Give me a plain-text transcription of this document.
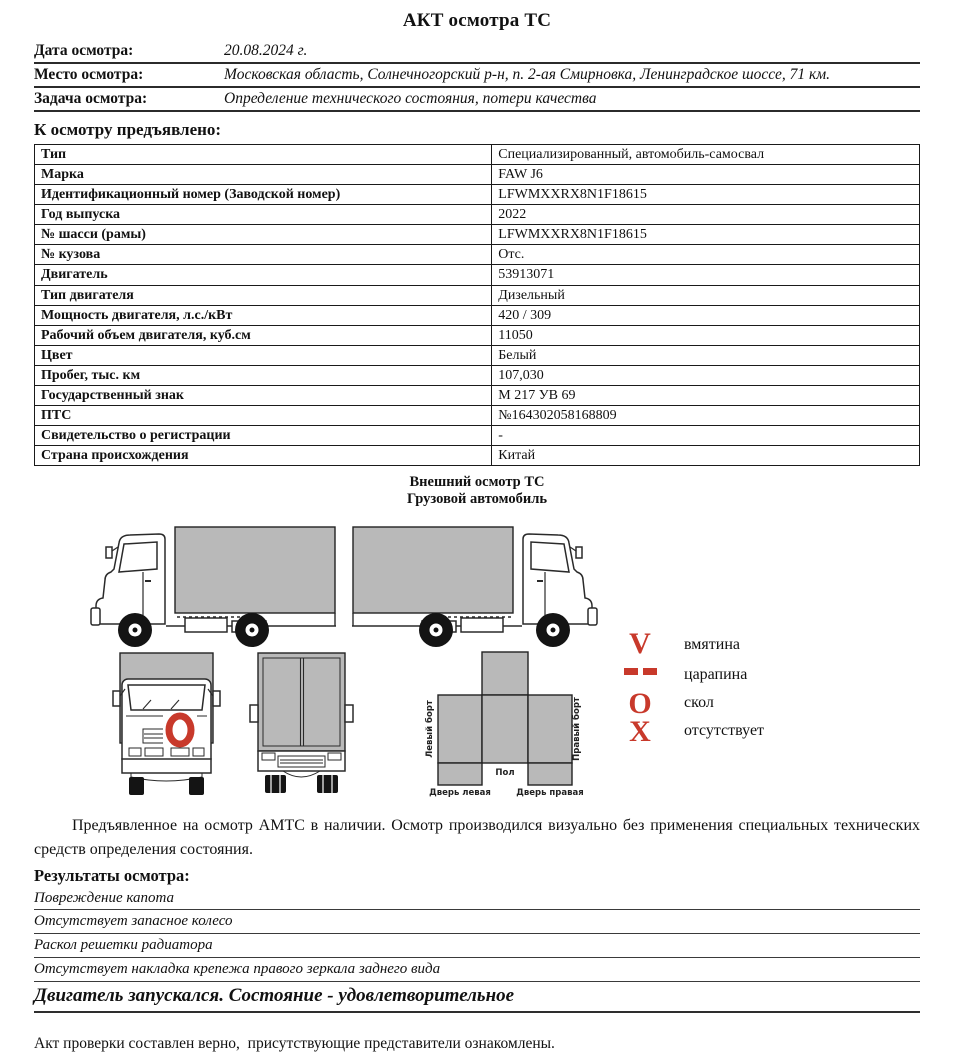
АКТ осмотра ТС
Дата осмотра:	20.08.2024 г.
Место осмотра:	Московская область, Солнечногорский р-н, п. 2-ая Смирновка, Ленинградское шоссе, 71 км.
Задача осмотра:	Определение технического состояния, потери качества
К осмотру предъявлено:
Тип	Специализированный, автомобиль-самосвал
Марка	FAW J6
Идентификационный номер (Заводской номер)	LFWMXXRX8N1F18615
Год выпуска	2022
№ шасси (рамы)	LFWMXXRX8N1F18615
№ кузова	Отс.
Двигатель	53913071
Тип двигателя	Дизельный
Мощность двигателя, л.с./кВт	420 / 309
Рабочий объем двигателя, куб.см	11050
Цвет	Белый
Пробег, тыс. км	107,030
Государственный знак	М 217 УВ 69
ПТС	№164302058168809
Свидетельство о регистрации	-
Страна происхождения	Китай
Внешний осмотр ТС
Грузовой автомобиль
Левый борт	Правый борт
Пол
Дверь левая	Дверь правая
V вмятина
царапина
O скол
X отсутствует

Предъявленное на осмотр АМТС в наличии. Осмотр производился визуально без применения специальных технических средств определения состояния.

Результаты осмотра:
Повреждение капота
Отсутствует запасное колесо
Раскол решетки радиатора
Отсутствует накладка крепежа правого зеркала заднего вида
Двигатель запускался. Состояние - удовлетворительное
Акт проверки составлен верно,  присутствующие представители ознакомлены.
